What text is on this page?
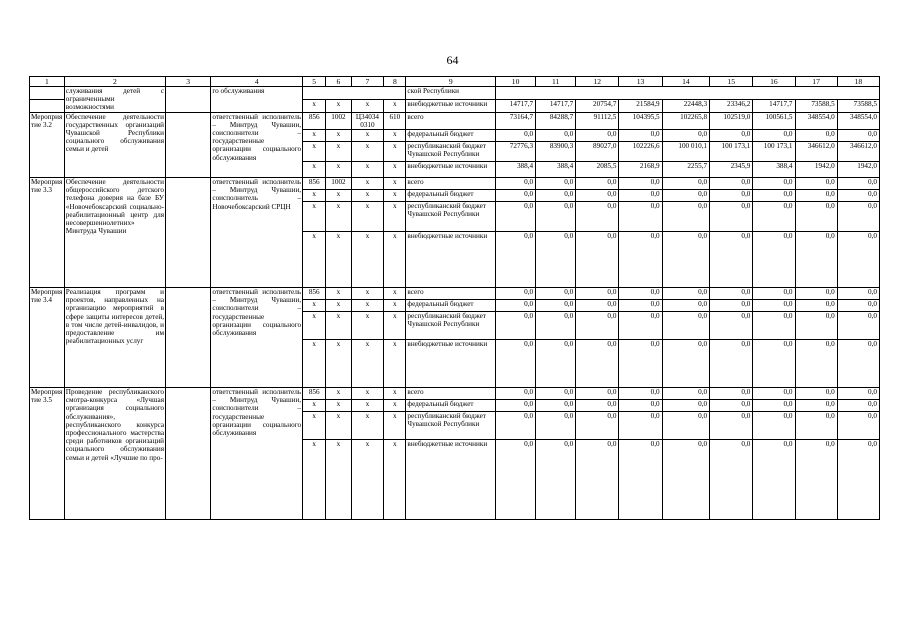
64
1	2	3	4	5	6	7	8	9	10	11	12	13	14	15	16	17	18
	служивания детей с ограниченными возможностями		го обслуживания					ской Республики									
				x	x	x	x	внебюджетные источники	14717,7	14717,7	20754,7	21584,9	22448,3	23346,2	14717,7	73588,5	73588,5
Мероприятие 3.2	Обеспечение деятельности государственных организаций Чувашской Республики социального обслуживания семьи и детей		ответственный исполнитель – Минтруд Чувашии, соисполнители – государственные организации социального обслуживания	856	1002	Ц34034 0310	610	всего	73164,7	84288,7	91112,5	104395,5	102265,8	102519,0	100561,5	348554,0	348554,0
				x	x	x	x	федеральный бюджет	0,0	0,0	0,0	0,0	0,0	0,0	0,0	0,0	0,0
				x	x	x	x	республиканский бюджет Чувашской Республики	72776,3	83900,3	89027,0	102226,6	100 010,1	100 173,1	100 173,1	346612,0	346612,0
				x	x	x	x	внебюджетные источники	388,4	388,4	2085,5	2168,9	2255,7	2345,9	388,4	1942,0	1942,0
Мероприятие 3.3	Обеспечение деятельности общероссийского детского телефона доверия на базе БУ «Новочебоксарский социально-реабилитационный центр для несовершеннолетних» Минтруда Чувашии		ответственный исполнитель – Минтруд Чувашии, соисполнитель – Новочебоксарский СРЦН	856	1002	x	x	всего	0,0	0,0	0,0	0,0	0,0	0,0	0,0	0,0	0,0
				x	x	x	x	федеральный бюджет	0,0	0,0	0,0	0,0	0,0	0,0	0,0	0,0	0,0
				x	x	x	x	республиканский бюджет Чувашской Республики	0,0	0,0	0,0	0,0	0,0	0,0	0,0	0,0	0,0
				x	x	x	x	внебюджетные источники	0,0	0,0	0,0	0,0	0,0	0,0	0,0	0,0	0,0
Мероприятие 3.4	Реализация программ и проектов, направленных на организацию мероприятий в сфере защиты интересов детей, в том числе детей-инвалидов, и предоставление им реабилитационных услуг		ответственный исполнитель – Минтруд Чувашии, соисполнители – государственные организации социального обслуживания	856	x	x	x	всего	0,0	0,0	0,0	0,0	0,0	0,0	0,0	0,0	0,0
				x	x	x	x	федеральный бюджет	0,0	0,0	0,0	0,0	0,0	0,0	0,0	0,0	0,0
				x	x	x	x	республиканский бюджет Чувашской Республики	0,0	0,0	0,0	0,0	0,0	0,0	0,0	0,0	0,0
				x	x	x	x	внебюджетные источники	0,0	0,0	0,0	0,0	0,0	0,0	0,0	0,0	0,0
Мероприятие 3.5	Проведение республиканского смотра-конкурса «Лучшая организация социального обслуживания», республиканского конкурса профессионального мастерства среди работников организаций социального обслуживания семьи и детей «Лучшие по про-		ответственный исполнитель – Минтруд Чувашии, соисполнители – государственные организации социального обслуживания	856	x	x	x	всего	0,0	0,0	0,0	0,0	0,0	0,0	0,0	0,0	0,0
				x	x	x	x	федеральный бюджет	0,0	0,0	0,0	0,0	0,0	0,0	0,0	0,0	0,0
				x	x	x	x	республиканский бюджет Чувашской Республики	0,0	0,0	0,0	0,0	0,0	0,0	0,0	0,0	0,0
				x	x	x	x	внебюджетные источники	0,0	0,0	0,0	0,0	0,0	0,0	0,0	0,0	0,0
